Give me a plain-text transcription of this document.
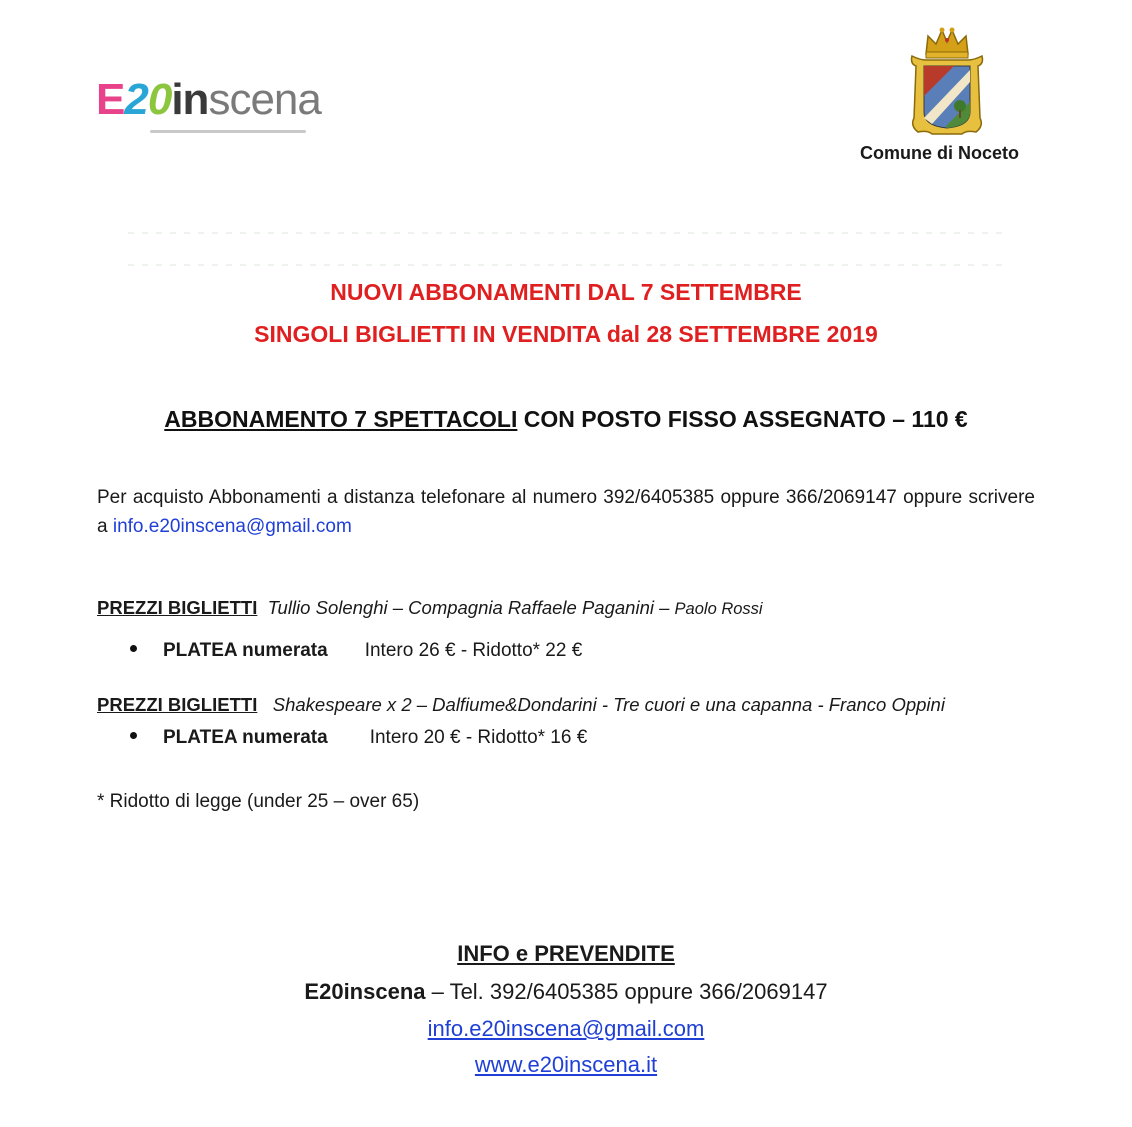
E20inscena
Comune di Noceto
NUOVI ABBONAMENTI DAL 7 SETTEMBRE
SINGOLI BIGLIETTI IN VENDITA dal 28 SETTEMBRE 2019
ABBONAMENTO 7 SPETTACOLI CON POSTO FISSO ASSEGNATO – 110 €
Per acquisto Abbonamenti a distanza telefonare al numero 392/6405385 oppure 366/2069147 oppure scrivere a info.e20inscena@gmail.com
PREZZI BIGLIETTI Tullio Solenghi – Compagnia Raffaele Paganini – Paolo Rossi
PLATEA numerata Intero 26 € - Ridotto* 22 €
PREZZI BIGLIETTI Shakespeare x 2 – Dalfiume&Dondarini - Tre cuori e una capanna - Franco Oppini
PLATEA numerata Intero 20 € - Ridotto* 16 €
* Ridotto di legge (under 25 – over 65)
INFO e PREVENDITE
E20inscena – Tel. 392/6405385 oppure 366/2069147
info.e20inscena@gmail.com
www.e20inscena.it
